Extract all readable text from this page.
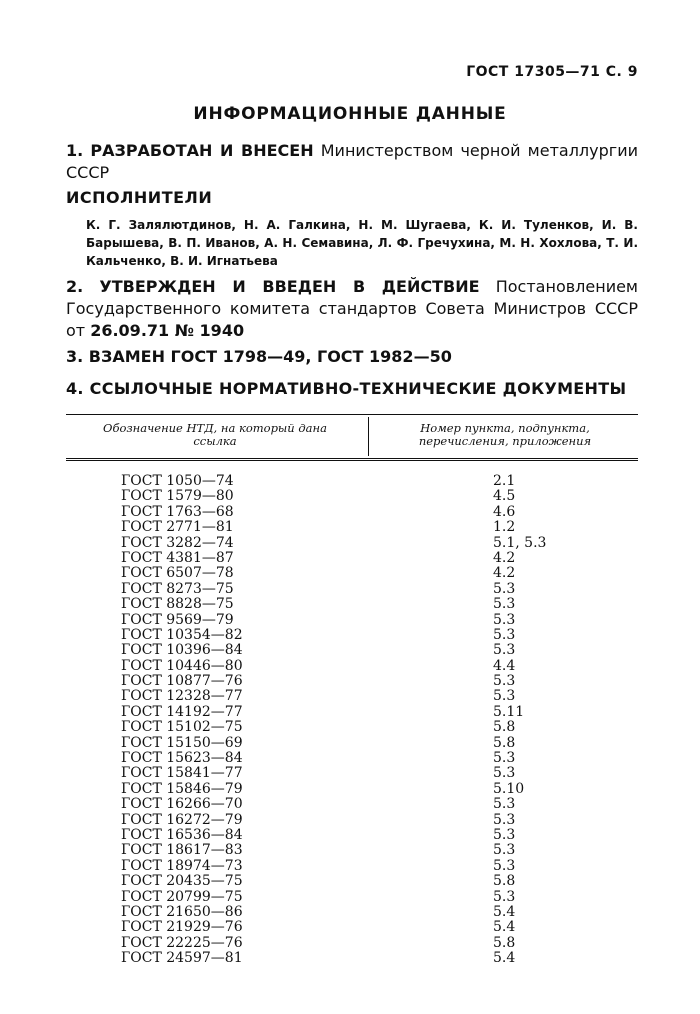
ГОСТ 17305—71 С. 9
ИНФОРМАЦИОННЫЕ ДАННЫЕ
1. РАЗРАБОТАН И ВНЕСЕН Министерством черной металлургии СССР
ИСПОЛНИТЕЛИ
К. Г. Залялютдинов, Н. А. Галкина, Н. М. Шугаева, К. И. Туленков, И. В. Барышева, В. П. Иванов, А. Н. Семавина, Л. Ф. Гречухина, М. Н. Хохлова, Т. И. Кальченко, В. И. Игнатьева
2. УТВЕРЖДЕН И ВВЕДЕН В ДЕЙСТВИЕ Постановлением Государственного комитета стандартов Совета Министров СССР от 26.09.71 № 1940
3. ВЗАМЕН ГОСТ 1798—49, ГОСТ 1982—50
4. ССЫЛОЧНЫЕ НОРМАТИВНО-ТЕХНИЧЕСКИЕ ДОКУМЕНТЫ
Обозначение НТД, на который дана ссылка
Номер пункта, подпункта, перечисления, приложения
ГОСТ 1050—74	2.1
ГОСТ 1579—80	4.5
ГОСТ 1763—68	4.6
ГОСТ 2771—81	1.2
ГОСТ 3282—74	5.1, 5.3
ГОСТ 4381—87	4.2
ГОСТ 6507—78	4.2
ГОСТ 8273—75	5.3
ГОСТ 8828—75	5.3
ГОСТ 9569—79	5.3
ГОСТ 10354—82	5.3
ГОСТ 10396—84	5.3
ГОСТ 10446—80	4.4
ГОСТ 10877—76	5.3
ГОСТ 12328—77	5.3
ГОСТ 14192—77	5.11
ГОСТ 15102—75	5.8
ГОСТ 15150—69	5.8
ГОСТ 15623—84	5.3
ГОСТ 15841—77	5.3
ГОСТ 15846—79	5.10
ГОСТ 16266—70	5.3
ГОСТ 16272—79	5.3
ГОСТ 16536—84	5.3
ГОСТ 18617—83	5.3
ГОСТ 18974—73	5.3
ГОСТ 20435—75	5.8
ГОСТ 20799—75	5.3
ГОСТ 21650—86	5.4
ГОСТ 21929—76	5.4
ГОСТ 22225—76	5.8
ГОСТ 24597—81	5.4
